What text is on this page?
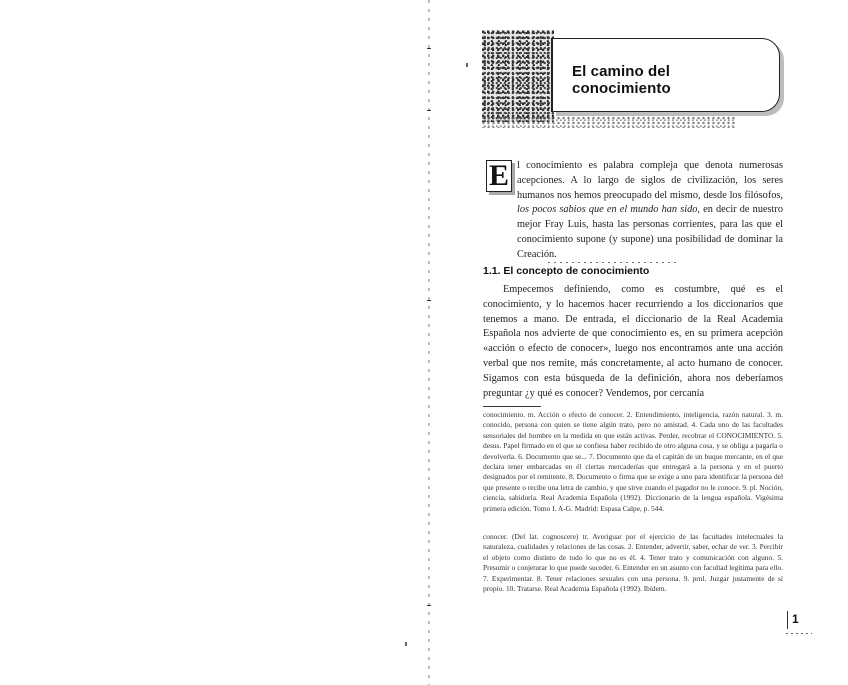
El camino del conocimiento
E l conocimiento es palabra compleja que denota numerosas acepciones. A lo largo de siglos de civilización, los seres humanos nos hemos preocupado del mismo, desde los filósofos, los pocos sabios que en el mundo han sido, en decir de nuestro mejor Fray Luis, hasta las personas corrientes, para las que el conocimiento supone (y supone) una posibilidad de dominar la Creación.
1.1. El concepto de conocimiento
Empecemos definiendo, como es costumbre, qué es el conocimiento, y lo hacemos hacer recurriendo a los diccionarios que tenemos a mano. De entrada, el diccionario de la Real Academia Española nos advierte de que conocimiento es, en su primera acepción «acción o efecto de conocer», luego nos encontramos ante una acción verbal que nos remite, más concretamente, al acto humano de conocer. Sigamos con esta búsqueda de la definición, ahora nos deberíamos preguntar ¿y qué es conocer? Vendemos, por cercanía
conocimiento. m. Acción o efecto de conocer. 2. Entendimiento, inteligencia, razón natural. 3. m. conocido, persona con quien se tiene algún trato, pero no amistad. 4. Cada uno de las facultades sensoriales del hombre en la medida en que están activas. Perder, recobrar el CONOCIMIENTO. 5. desus. Papel firmado en el que se confiesa haber recibido de otro alguna cosa, y se obliga a pagarla o devolverla. 6. Documento que se... 7. Documento que da el capitán de un buque mercante, en el que declara tener embarcadas en él ciertas mercaderías que entregará a la persona y en el puerto designados por el remitente. 8. Documento o firma que se exige a uno para identificar la persona del que presente o recibe una letra de cambio, y que sirve cuando el pagador no le conoce. 9. pl. Noción, ciencia, sabiduría. Real Academia Española (1992). Diccionario de la lengua española. Vigésima primera edición. Tomo I. A-G. Madrid: Espasa Calpe, p. 544.
conocer. (Del lat. cognoscere) tr. Averiguar por el ejercicio de las facultades intelectuales la naturaleza, cualidades y relaciones de las cosas. 2. Entender, advertir, saber, echar de ver. 3. Percibir el objeto como distinto de todo lo que no es él. 4. Tener trato y comunicación con alguno. 5. Presumir o conjeturar lo que puede suceder. 6. Entender en un asunto con facultad legítima para ello. 7. Experimentar. 8. Tener relaciones sexuales con una persona. 9. prnl. Juzgar justamente de sí propio. 10. Tratarse. Real Academia Española (1992). Ibídem.
1
